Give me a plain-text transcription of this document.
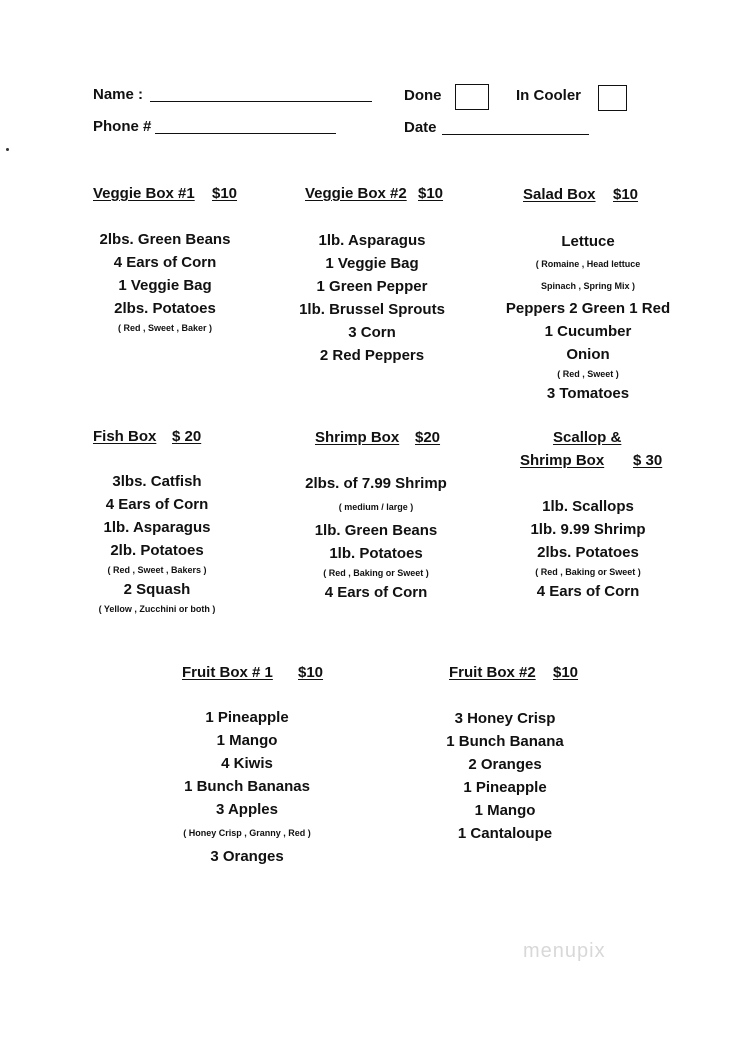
Name :	Done	In Cooler
Phone #	Date
Veggie Box #1 $10
2lbs. Green Beans
4 Ears of Corn
1 Veggie Bag
2lbs. Potatoes
( Red , Sweet , Baker )
Veggie Box #2 $10
1lb. Asparagus
1 Veggie Bag
1 Green Pepper
1lb. Brussel Sprouts
3 Corn
2 Red Peppers
Salad Box $10
Lettuce
( Romaine , Head lettuce
Spinach , Spring Mix )
Peppers 2 Green 1 Red
1 Cucumber
Onion
( Red , Sweet )
3 Tomatoes
Fish Box $ 20
3lbs. Catfish
4 Ears of Corn
1lb. Asparagus
2lb. Potatoes
( Red , Sweet , Bakers )
2 Squash
( Yellow , Zucchini or both )
Shrimp Box $20
2lbs. of 7.99 Shrimp
( medium / large )
1lb. Green Beans
1lb. Potatoes
( Red , Baking or Sweet )
4 Ears of Corn
Scallop &
Shrimp Box $ 30
1lb. Scallops
1lb. 9.99 Shrimp
2lbs. Potatoes
( Red , Baking or Sweet )
4 Ears of Corn
Fruit Box # 1 $10
1 Pineapple
1 Mango
4 Kiwis
1 Bunch Bananas
3 Apples
( Honey Crisp , Granny , Red )
3 Oranges
Fruit Box #2 $10
3 Honey Crisp
1 Bunch Banana
2 Oranges
1 Pineapple
1 Mango
1 Cantaloupe
menupix
